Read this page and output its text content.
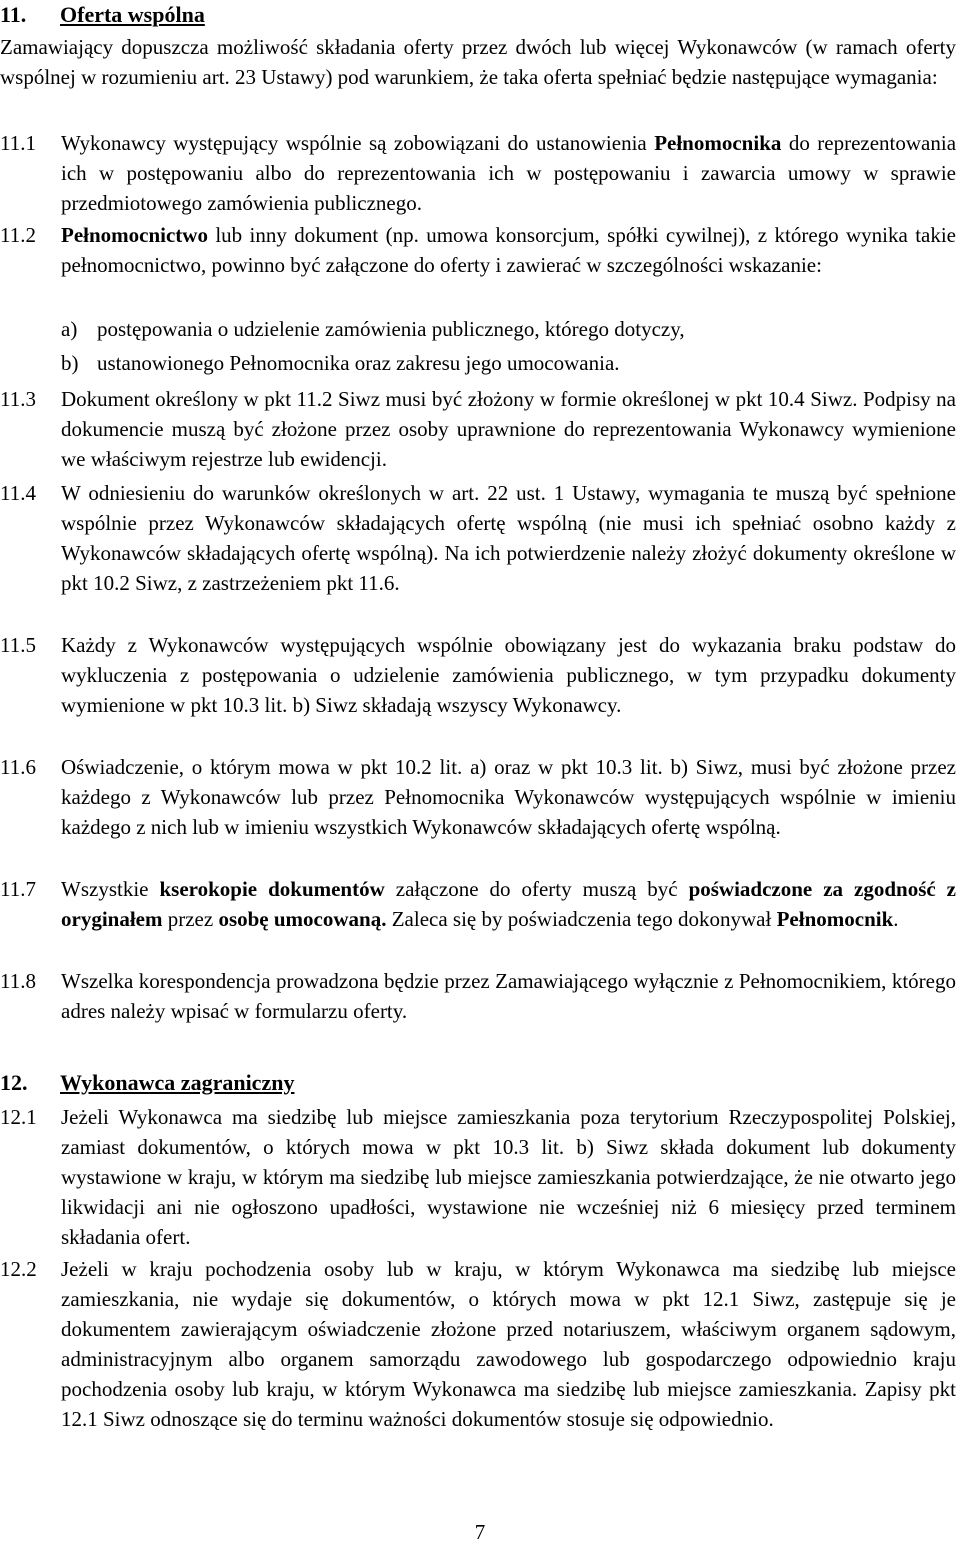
11. Oferta wspólna
Zamawiający dopuszcza możliwość składania oferty przez dwóch lub więcej Wykonawców (w ramach oferty wspólnej w rozumieniu art. 23 Ustawy) pod warunkiem, że taka oferta spełniać będzie następujące wymagania:
11.1 Wykonawcy występujący wspólnie są zobowiązani do ustanowienia Pełnomocnika do reprezentowania ich w postępowaniu albo do reprezentowania ich w postępowaniu i zawarcia umowy w sprawie przedmiotowego zamówienia publicznego.
11.2 Pełnomocnictwo lub inny dokument (np. umowa konsorcjum, spółki cywilnej), z którego wynika takie pełnomocnictwo, powinno być załączone do oferty i zawierać w szczególności wskazanie:
a) postępowania o udzielenie zamówienia publicznego, którego dotyczy,
b) ustanowionego Pełnomocnika oraz zakresu jego umocowania.
11.3 Dokument określony w pkt 11.2 Siwz musi być złożony w formie określonej w pkt 10.4 Siwz. Podpisy na dokumencie muszą być złożone przez osoby uprawnione do reprezentowania Wykonawcy wymienione we właściwym rejestrze lub ewidencji.
11.4 W odniesieniu do warunków określonych w art. 22 ust. 1 Ustawy, wymagania te muszą być spełnione wspólnie przez Wykonawców składających ofertę wspólną (nie musi ich spełniać osobno każdy z Wykonawców składających ofertę wspólną). Na ich potwierdzenie należy złożyć dokumenty określone w pkt 10.2 Siwz, z zastrzeżeniem pkt 11.6.
11.5 Każdy z Wykonawców występujących wspólnie obowiązany jest do wykazania braku podstaw do wykluczenia z postępowania o udzielenie zamówienia publicznego, w tym przypadku dokumenty wymienione w pkt 10.3 lit. b) Siwz składają wszyscy Wykonawcy.
11.6 Oświadczenie, o którym mowa w pkt 10.2 lit. a) oraz w pkt 10.3 lit. b) Siwz, musi być złożone przez każdego z Wykonawców lub przez Pełnomocnika Wykonawców występujących wspólnie w imieniu każdego z nich lub w imieniu wszystkich Wykonawców składających ofertę wspólną.
11.7 Wszystkie kserokopie dokumentów załączone do oferty muszą być poświadczone za zgodność z oryginałem przez osobę umocowaną. Zaleca się by poświadczenia tego dokonywał Pełnomocnik.
11.8 Wszelka korespondencja prowadzona będzie przez Zamawiającego wyłącznie z Pełnomocnikiem, którego adres należy wpisać w formularzu oferty.
12. Wykonawca zagraniczny
12.1 Jeżeli Wykonawca ma siedzibę lub miejsce zamieszkania poza terytorium Rzeczypospolitej Polskiej, zamiast dokumentów, o których mowa w pkt 10.3 lit. b) Siwz składa dokument lub dokumenty wystawione w kraju, w którym ma siedzibę lub miejsce zamieszkania potwierdzające, że nie otwarto jego likwidacji ani nie ogłoszono upadłości, wystawione nie wcześniej niż 6 miesięcy przed terminem składania ofert.
12.2 Jeżeli w kraju pochodzenia osoby lub w kraju, w którym Wykonawca ma siedzibę lub miejsce zamieszkania, nie wydaje się dokumentów, o których mowa w pkt 12.1 Siwz, zastępuje się je dokumentem zawierającym oświadczenie złożone przed notariuszem, właściwym organem sądowym, administracyjnym albo organem samorządu zawodowego lub gospodarczego odpowiednio kraju pochodzenia osoby lub kraju, w którym Wykonawca ma siedzibę lub miejsce zamieszkania. Zapisy pkt 12.1 Siwz odnoszące się do terminu ważności dokumentów stosuje się odpowiednio.
7
